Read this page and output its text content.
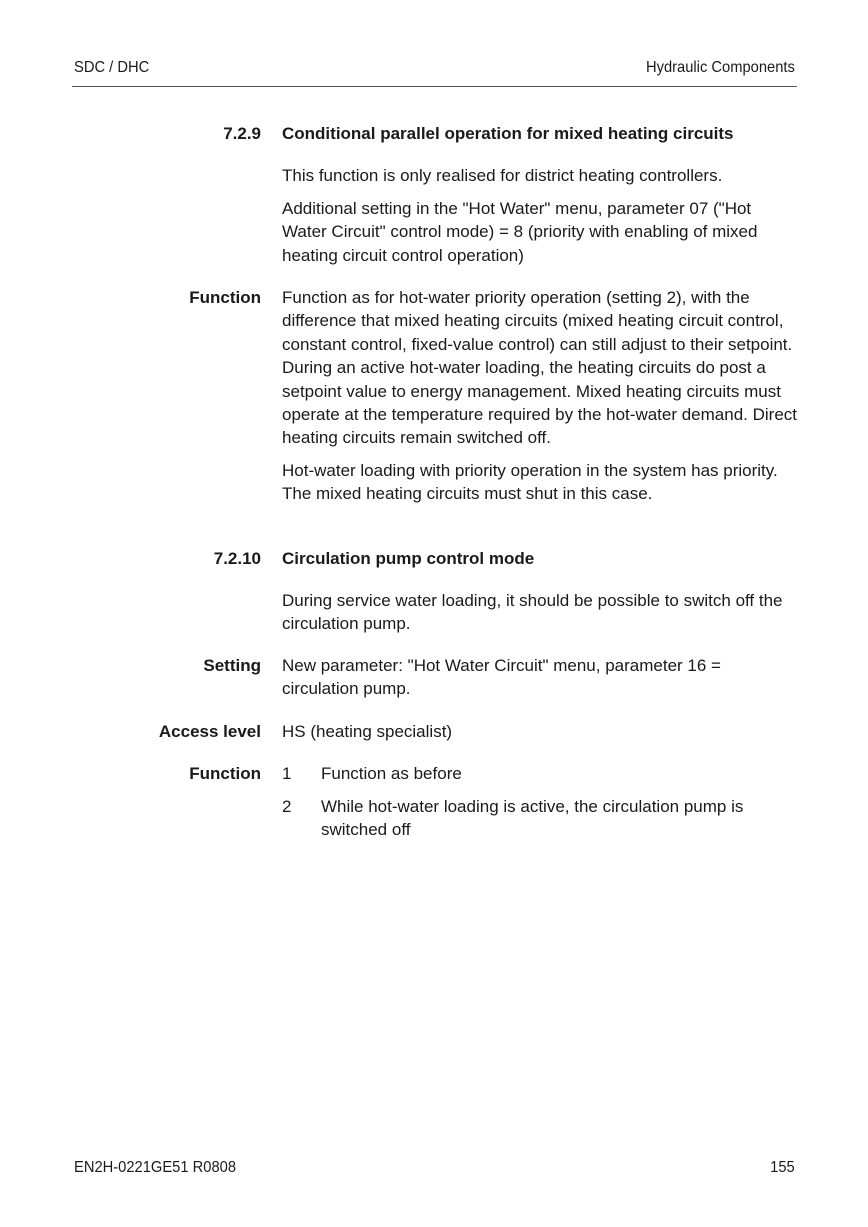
SDC / DHC	Hydraulic Components
7.2.9 Conditional parallel operation for mixed heating circuits

This function is only realised for district heating controllers.

Additional setting in the "Hot Water" menu, parameter 07 ("Hot Water Circuit" control mode) = 8 (priority with enabling of mixed heating circuit control operation)

Function Function as for hot-water priority operation (setting 2), with the difference that mixed heating circuits (mixed heating circuit control, constant control, fixed-value control) can still adjust to their setpoint. During an active hot-water loading, the heating circuits do post a setpoint value to energy management. Mixed heating circuits must operate at the temperature required by the hot-water demand. Direct heating circuits remain switched off.

Hot-water loading with priority operation in the system has priority. The mixed heating circuits must shut in this case.

7.2.10 Circulation pump control mode

During service water loading, it should be possible to switch off the circulation pump.

Setting New parameter: "Hot Water Circuit" menu, parameter 16 = circulation pump.

Access level HS (heating specialist)

Function 1 Function as before
2 While hot-water loading is active, the circulation pump is switched off
EN2H-0221GE51 R0808	155
